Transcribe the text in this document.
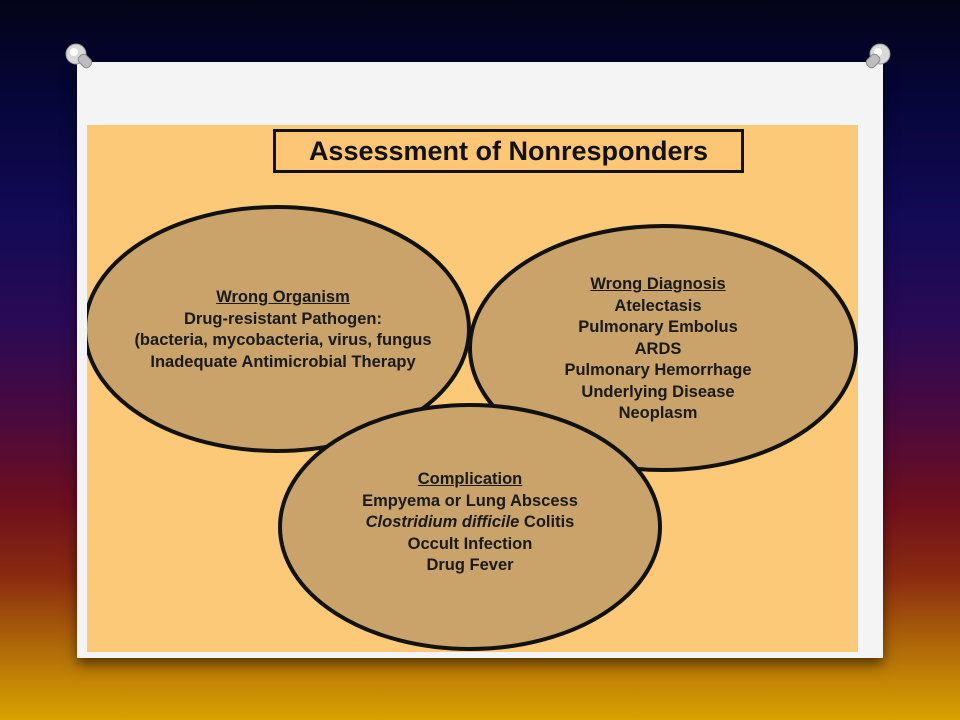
Assessment of Nonresponders
Wrong Organism
Drug-resistant Pathogen:
(bacteria, mycobacteria, virus, fungus
Inadequate Antimicrobial Therapy
Wrong Diagnosis
Atelectasis
Pulmonary Embolus
ARDS
Pulmonary Hemorrhage
Underlying Disease
Neoplasm
Complication
Empyema or Lung Abscess
Clostridium difficile Colitis
Occult Infection
Drug Fever
